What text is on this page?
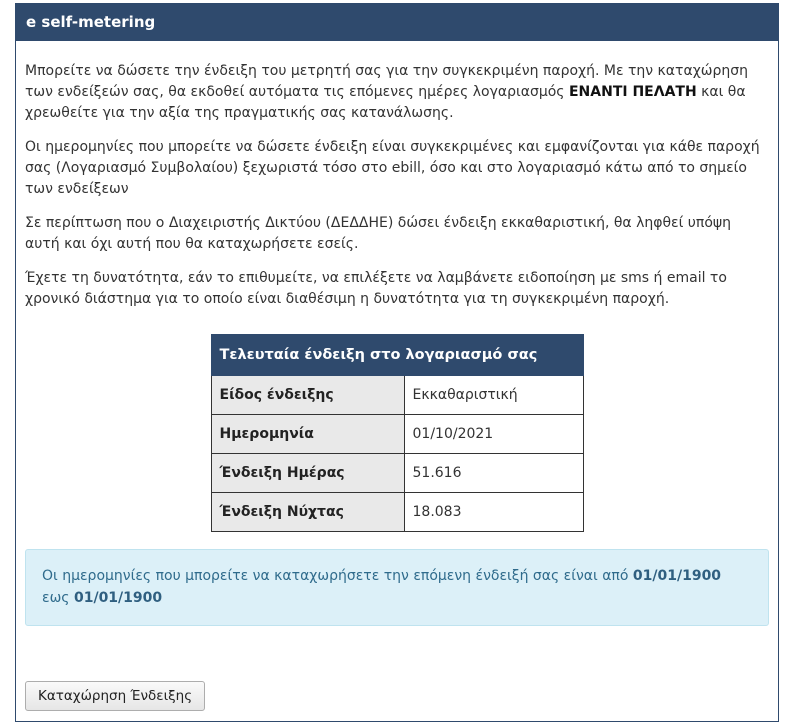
e self-metering

Μπορείτε να δώσετε την ένδειξη του μετρητή σας για την συγκεκριμένη παροχή. Με την καταχώρηση των ενδείξεών σας, θα εκδοθεί αυτόματα τις επόμενες ημέρες λογαριασμός ΕΝΑΝΤΙ ΠΕΛΑΤΗ και θα χρεωθείτε για την αξία της πραγματικής σας κατανάλωσης.

Οι ημερομηνίες που μπορείτε να δώσετε ένδειξη είναι συγκεκριμένες και εμφανίζονται για κάθε παροχή σας (Λογαριασμό Συμβολαίου) ξεχωριστά τόσο στο ebill, όσο και στο λογαριασμό κάτω από το σημείο των ενδείξεων

Σε περίπτωση που ο Διαχειριστής Δικτύου (ΔΕΔΔΗΕ) δώσει ένδειξη εκκαθαριστική, θα ληφθεί υπόψη αυτή και όχι αυτή που θα καταχωρήσετε εσείς.

Έχετε τη δυνατότητα, εάν το επιθυμείτε, να επιλέξετε να λαμβάνετε ειδοποίηση με sms ή email το χρονικό διάστημα για το οποίο είναι διαθέσιμη η δυνατότητα για τη συγκεκριμένη παροχή.

Τελευταία ένδειξη στο λογαριασμό σας	
Είδος ένδειξης	Εκκαθαριστική
Ημερομηνία	01/10/2021
Ένδειξη Ημέρας	51.616
Ένδειξη Νύχτας	18.083
Οι ημερομηνίες που μπορείτε να καταχωρήσετε την επόμενη ένδειξή σας είναι από 01/01/1900 εως 01/01/1900
Καταχώρηση Ένδειξης
